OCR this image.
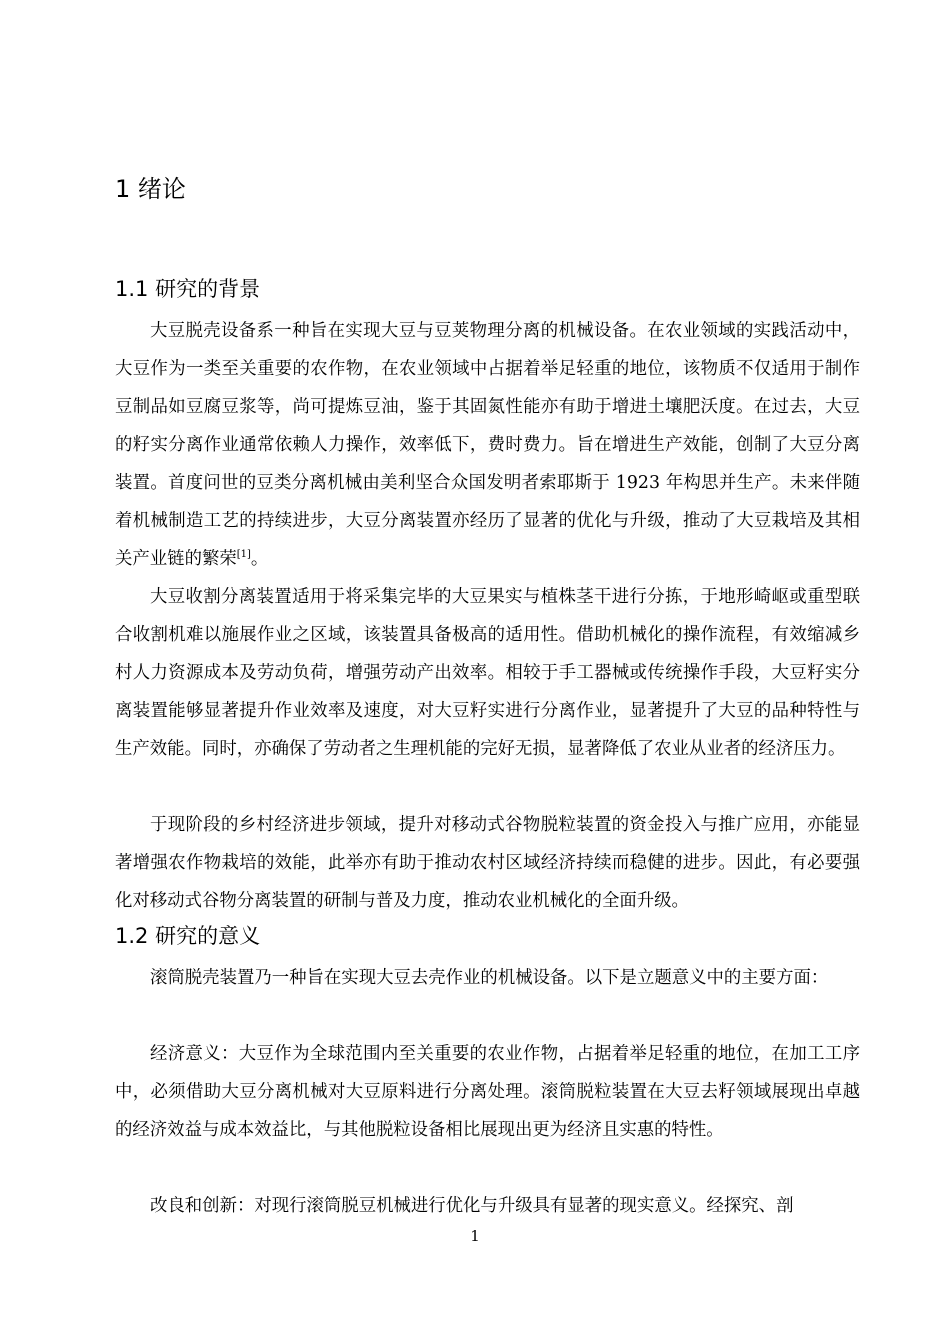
1 绪论
1.1 研究的背景

大豆脱壳设备系一种旨在实现大豆与豆荚物理分离的机械设备。在农业领域的实践活动中，大豆作为一类至关重要的农作物，在农业领域中占据着举足轻重的地位，该物质不仅适用于制作豆制品如豆腐豆浆等，尚可提炼豆油，鉴于其固氮性能亦有助于增进土壤肥沃度。在过去，大豆的籽实分离作业通常依赖人力操作，效率低下，费时费力。旨在增进生产效能，创制了大豆分离装置。首度问世的豆类分离机械由美利坚合众国发明者索耶斯于 1923 年构思并生产。未来伴随着机械制造工艺的持续进步，大豆分离装置亦经历了显著的优化与升级，推动了大豆栽培及其相关产业链的繁荣[1]。

大豆收割分离装置适用于将采集完毕的大豆果实与植株茎干进行分拣，于地形崎岖或重型联合收割机难以施展作业之区域，该装置具备极高的适用性。借助机械化的操作流程，有效缩减乡村人力资源成本及劳动负荷，增强劳动产出效率。相较于手工器械或传统操作手段，大豆籽实分离装置能够显著提升作业效率及速度，对大豆籽实进行分离作业，显著提升了大豆的品种特性与生产效能。同时，亦确保了劳动者之生理机能的完好无损，显著降低了农业从业者的经济压力。

于现阶段的乡村经济进步领域，提升对移动式谷物脱粒装置的资金投入与推广应用，亦能显著增强农作物栽培的效能，此举亦有助于推动农村区域经济持续而稳健的进步。因此，有必要强化对移动式谷物分离装置的研制与普及力度，推动农业机械化的全面升级。

1.2 研究的意义

滚筒脱壳装置乃一种旨在实现大豆去壳作业的机械设备。以下是立题意义中的主要方面：

经济意义：大豆作为全球范围内至关重要的农业作物，占据着举足轻重的地位，在加工工序中，必须借助大豆分离机械对大豆原料进行分离处理。滚筒脱粒装置在大豆去籽领域展现出卓越的经济效益与成本效益比，与其他脱粒设备相比展现出更为经济且实惠的特性。

改良和创新：对现行滚筒脱豆机械进行优化与升级具有显著的现实意义。经探究、剖

1
